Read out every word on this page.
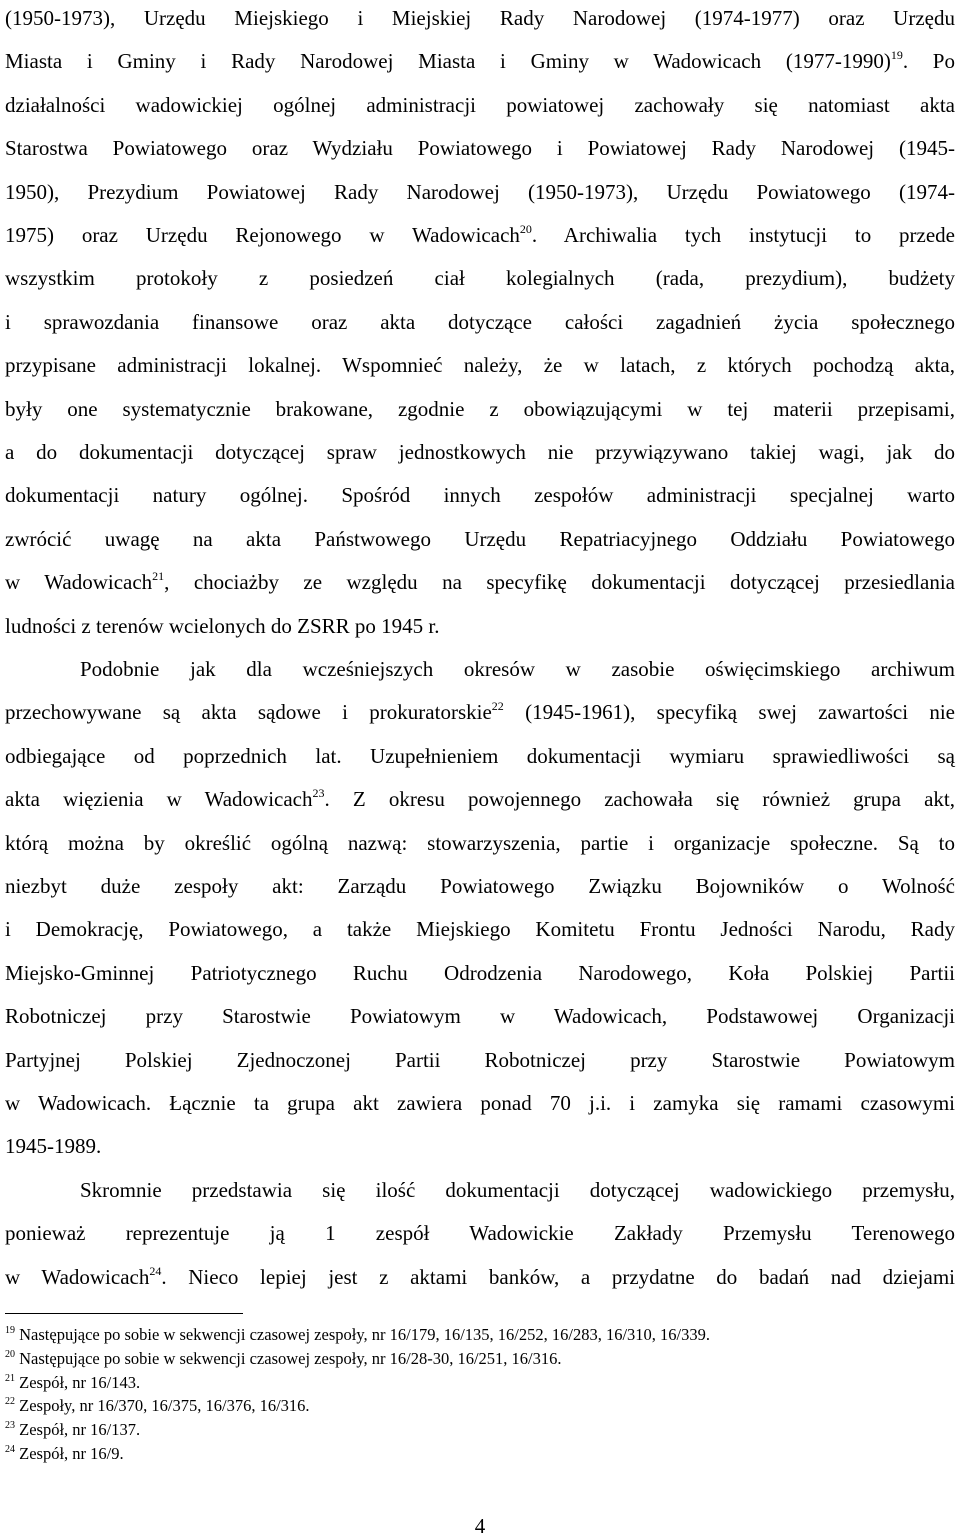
(1950-1973), Urzędu Miejskiego i Miejskiej Rady Narodowej (1974-1977) oraz Urzędu
Miasta i Gminy i Rady Narodowej Miasta i Gminy w Wadowicach (1977-1990)$^{19}$. Po
działalności wadowickiej ogólnej administracji powiatowej zachowały się natomiast akta
Starostwa Powiatowego oraz Wydziału Powiatowego i Powiatowej Rady Narodowej (1945-
1950), Prezydium Powiatowej Rady Narodowej (1950-1973), Urzędu Powiatowego (1974-
1975) oraz Urzędu Rejonowego w Wadowicach$^{20}$. Archiwalia tych instytucji to przede
wszystkim protokoły z posiedzeń ciał kolegialnych (rada, prezydium), budżety
i sprawozdania finansowe oraz akta dotyczące całości zagadnień życia społecznego
przypisane administracji lokalnej. Wspomnieć należy, że w latach, z których pochodzą akta,
były one systematycznie brakowane, zgodnie z obowiązującymi w tej materii przepisami,
a do dokumentacji dotyczącej spraw jednostkowych nie przywiązywano takiej wagi, jak do
dokumentacji natury ogólnej. Spośród innych zespołów administracji specjalnej warto
zwrócić uwagę na akta Państwowego Urzędu Repatriacyjnego Oddziału Powiatowego
w Wadowicach$^{21}$, chociażby ze względu na specyfikę dokumentacji dotyczącej przesiedlania
ludności z terenów wcielonych do ZSRR po 1945 r.
Podobnie jak dla wcześniejszych okresów w zasobie oświęcimskiego archiwum
przechowywane są akta sądowe i prokuratorskie$^{22}$ (1945-1961), specyfiką swej zawartości nie
odbiegające od poprzednich lat. Uzupełnieniem dokumentacji wymiaru sprawiedliwości są
akta więzienia w Wadowicach$^{23}$. Z okresu powojennego zachowała się również grupa akt,
którą można by określić ogólną nazwą: stowarzyszenia, partie i organizacje społeczne. Są to
niezbyt duże zespoły akt: Zarządu Powiatowego Związku Bojowników o Wolność
i Demokrację, Powiatowego, a także Miejskiego Komitetu Frontu Jedności Narodu, Rady
Miejsko-Gminnej Patriotycznego Ruchu Odrodzenia Narodowego, Koła Polskiej Partii
Robotniczej przy Starostwie Powiatowym w Wadowicach, Podstawowej Organizacji
Partyjnej Polskiej Zjednoczonej Partii Robotniczej przy Starostwie Powiatowym
w Wadowicach. Łącznie ta grupa akt zawiera ponad 70 j.i. i zamyka się ramami czasowymi
1945-1989.
Skromnie przedstawia się ilość dokumentacji dotyczącej wadowickiego przemysłu,
ponieważ reprezentuje ją 1 zespół Wadowickie Zakłady Przemysłu Terenowego
w Wadowicach$^{24}$. Nieco lepiej jest z aktami banków, a przydatne do badań nad dziejami
$^{19}$ Następujące po sobie w sekwencji czasowej zespoły, nr 16/179, 16/135, 16/252, 16/283, 16/310, 16/339.
$^{20}$ Następujące po sobie w sekwencji czasowej zespoły, nr 16/28-30, 16/251, 16/316.
$^{21}$ Zespół, nr 16/143.
$^{22}$ Zespoły, nr 16/370, 16/375, 16/376, 16/316.
$^{23}$ Zespół, nr 16/137.
$^{24}$ Zespół, nr 16/9.
4
